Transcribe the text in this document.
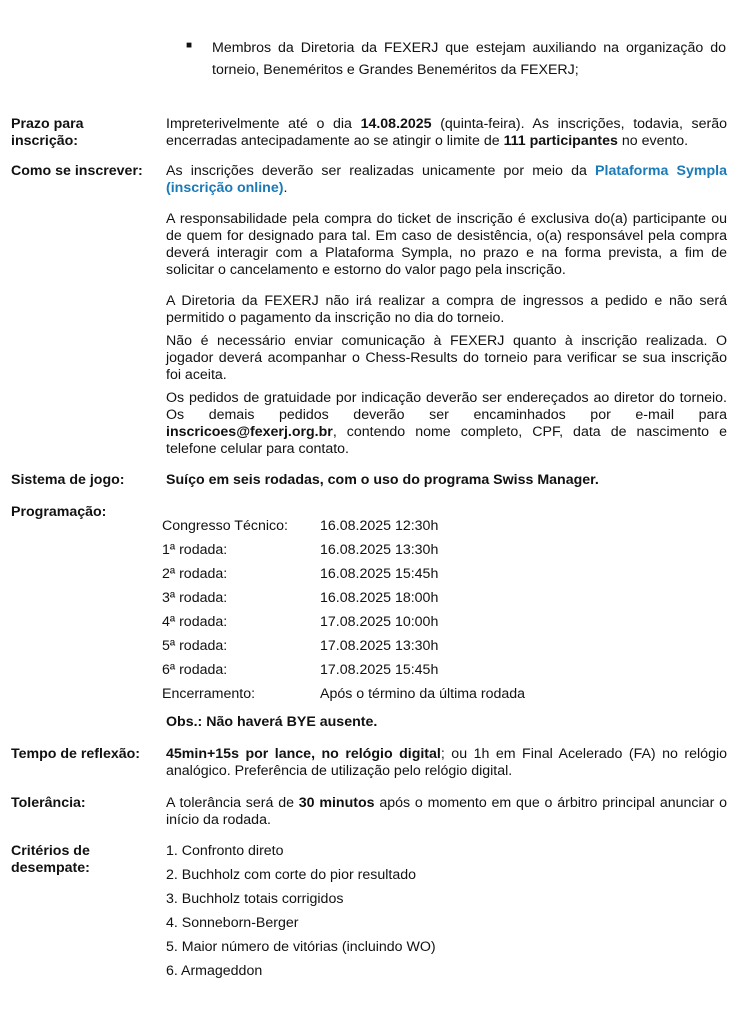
■ Membros da Diretoria da FEXERJ que estejam auxiliando na organização do torneio, Beneméritos e Grandes Beneméritos da FEXERJ;
Prazo para inscrição:
Impreterivelmente até o dia 14.08.2025 (quinta-feira). As inscrições, todavia, serão encerradas antecipadamente ao se atingir o limite de 111 participantes no evento.
Como se inscrever:	As inscrições deverão ser realizadas unicamente por meio da Plataforma Sympla (inscrição online).

A responsabilidade pela compra do ticket de inscrição é exclusiva do(a) participante ou de quem for designado para tal. Em caso de desistência, o(a) responsável pela compra deverá interagir com a Plataforma Sympla, no prazo e na forma prevista, a fim de solicitar o cancelamento e estorno do valor pago pela inscrição.

A Diretoria da FEXERJ não irá realizar a compra de ingressos a pedido e não será permitido o pagamento da inscrição no dia do torneio.

Não é necessário enviar comunicação à FEXERJ quanto à inscrição realizada. O jogador deverá acompanhar o Chess-Results do torneio para verificar se sua inscrição foi aceita.

Os pedidos de gratuidade por indicação deverão ser endereçados ao diretor do torneio. Os demais pedidos deverão ser encaminhados por e-mail para inscricoes@fexerj.org.br, contendo nome completo, CPF, data de nascimento e telefone celular para contato.

Sistema de jogo:	Suíço em seis rodadas, com o uso do programa Swiss Manager.
Programação:
Congresso Técnico:	16.08.2025 12:30h
1ª rodada:	16.08.2025 13:30h
2ª rodada:	16.08.2025 15:45h
3ª rodada:	16.08.2025 18:00h
4ª rodada:	17.08.2025 10:00h
5ª rodada:	17.08.2025 13:30h
6ª rodada:	17.08.2025 15:45h
Encerramento:	Após o término da última rodada
Obs.: Não haverá BYE ausente.
Tempo de reflexão:	45min+15s por lance, no relógio digital; ou 1h em Final Acelerado (FA) no relógio analógico. Preferência de utilização pelo relógio digital.
Tolerância:	A tolerância será de 30 minutos após o momento em que o árbitro principal anunciar o início da rodada.
Critérios de desempate:
1. Confronto direto
2. Buchholz com corte do pior resultado
3. Buchholz totais corrigidos
4. Sonneborn-Berger
5. Maior número de vitórias (incluindo WO)
6. Armageddon
